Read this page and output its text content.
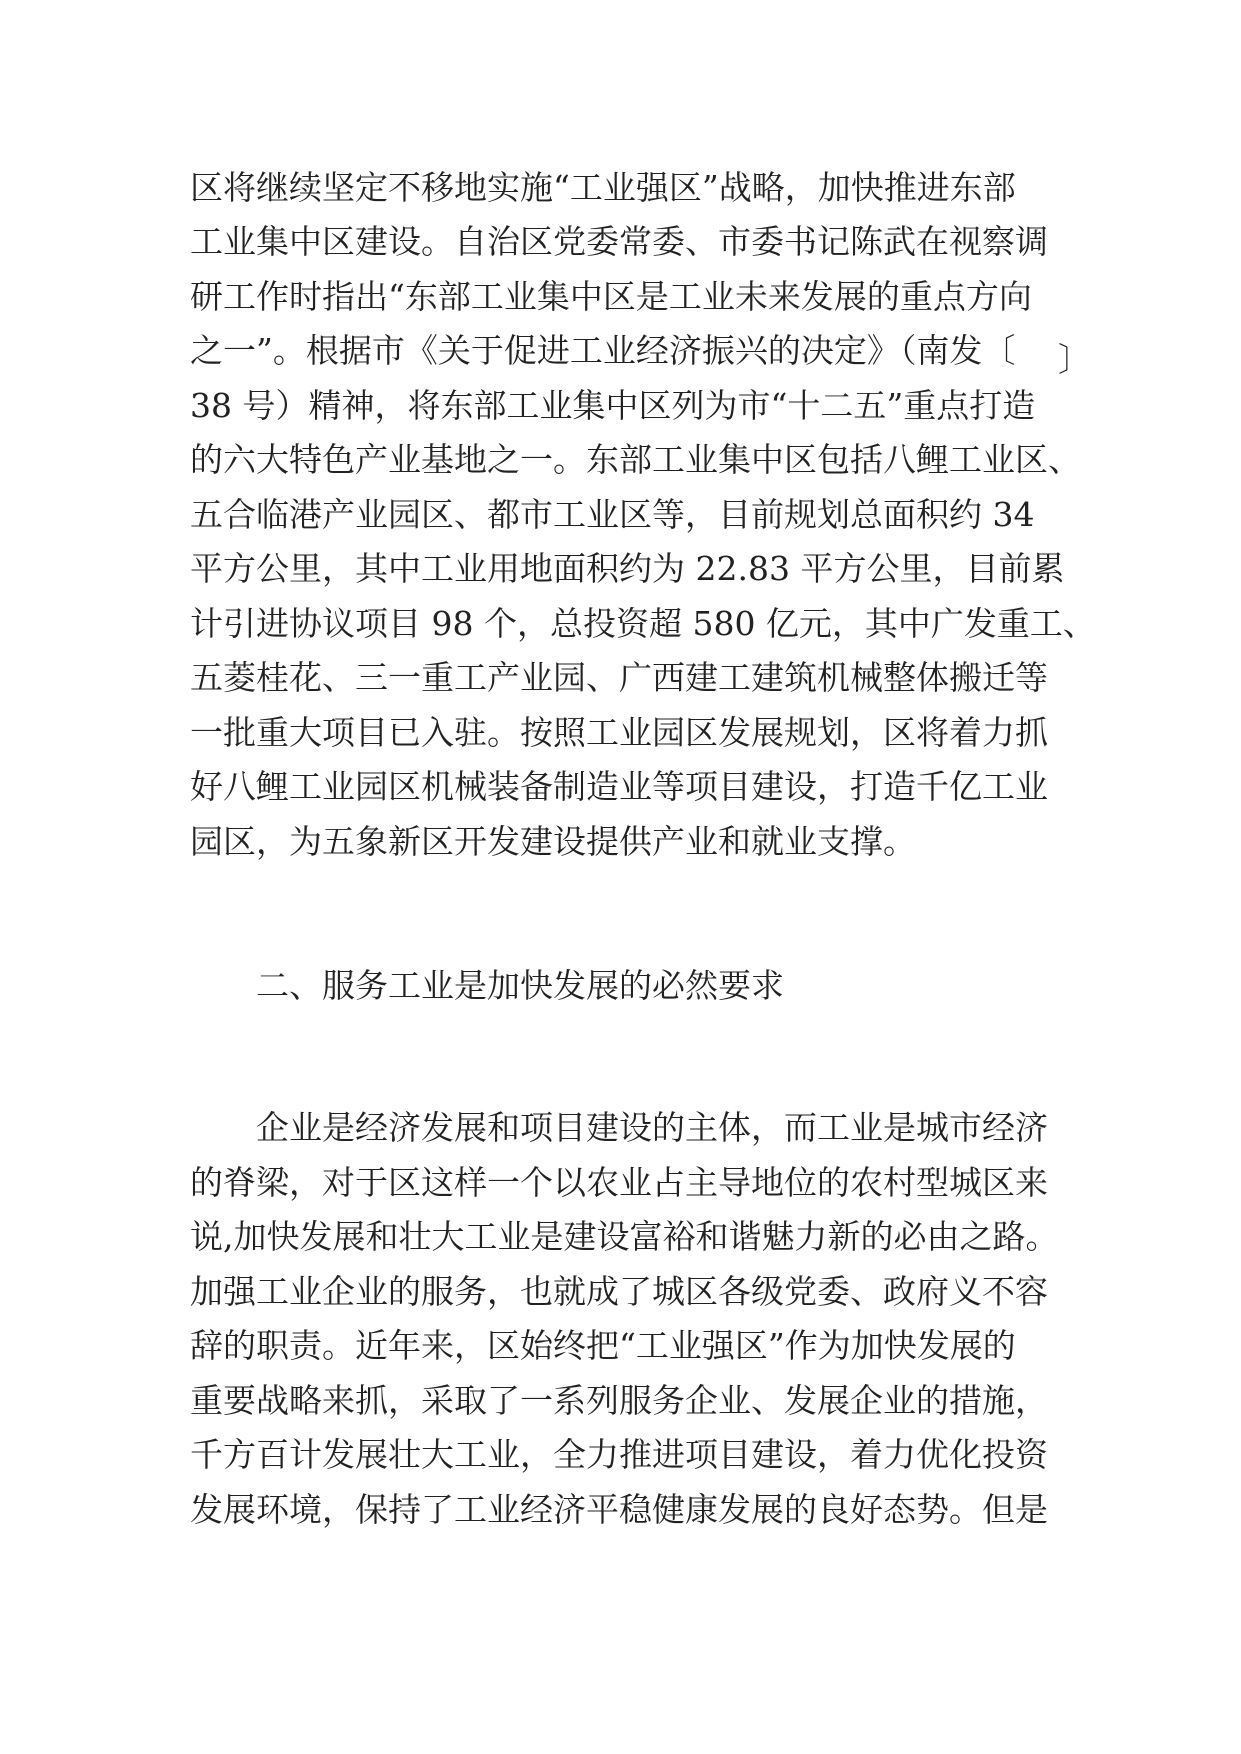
区将继续坚定不移地实施“工业强区”战略，加快推进东部
工业集中区建设。自治区党委常委、市委书记陈武在视察调
研工作时指出“东部工业集中区是工业未来发展的重点方向
之一”。根据市《关于促进工业经济振兴的决定》（南发〔 〕
38 号）精神，将东部工业集中区列为市“十二五”重点打造
的六大特色产业基地之一。东部工业集中区包括八鲤工业区、
五合临港产业园区、都市工业区等，目前规划总面积约 34
平方公里，其中工业用地面积约为 22.83 平方公里，目前累
计引进协议项目 98 个，总投资超 580 亿元，其中广发重工、
五菱桂花、三一重工产业园、广西建工建筑机械整体搬迁等
一批重大项目已入驻。按照工业园区发展规划，区将着力抓
好八鲤工业园区机械装备制造业等项目建设，打造千亿工业
园区，为五象新区开发建设提供产业和就业支撑。
二、服务工业是加快发展的必然要求
企业是经济发展和项目建设的主体，而工业是城市经济
的脊梁，对于区这样一个以农业占主导地位的农村型城区来
说,加快发展和壮大工业是建设富裕和谐魅力新的必由之路。
加强工业企业的服务，也就成了城区各级党委、政府义不容
辞的职责。近年来，区始终把“工业强区”作为加快发展的
重要战略来抓，采取了一系列服务企业、发展企业的措施，
千方百计发展壮大工业，全力推进项目建设，着力优化投资
发展环境，保持了工业经济平稳健康发展的良好态势。但是
